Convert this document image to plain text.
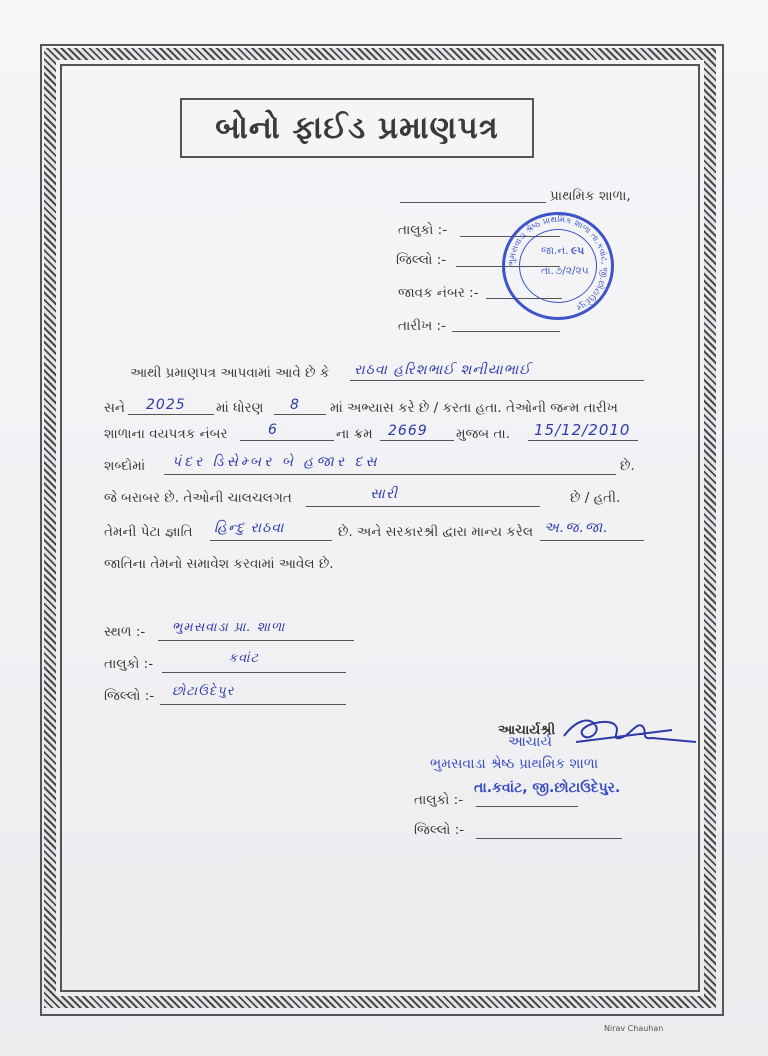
બોનો ફાઈડ પ્રમાણપત્ર
પ્રાથમિક શાળા,
તાલુકો :-
જિલ્લો :-
જાવક નંબર :-
તારીખ :-
જા.નં. ૯૫
તા. ૭/૨/૨૫
ભુમસવાડા શ્રેષ્ઠ પ્રાથમિક શાળા તા.કવાંટ, જી.છોટાઉદેપુર
આથી પ્રમાણપત્ર આપવામાં આવે છે કે રાઠવા હરિશભાઈ શનીયાભાઈ
સને 2025 માં ધોરણ 8 માં અભ્યાસ કરે છે / કરતા હતા. તેઓની જન્મ તારીખ
શાળાના વયપત્રક નંબર	6	ના ક્રમ 2669 મુજબ તા. 15/12/2010
શબ્દોમાં પંદર ડિસેમ્બર બે હજાર દસ	છે.
જે બરાબર છે. તેઓની ચાલચલગત	સારી	છે / હતી.
તેમની પેટા જ્ઞાતિ હિન્દુ રાઠવા	છે. અને સરકારશ્રી દ્વારા માન્ય કરેલ અ.જ.જા.
જાતિના તેમનો સમાવેશ કરવામાં આવેલ છે.
સ્થળ :- ભુમસવાડા પ્રા. શાળા
તાલુકો :-	કવાંટ
જિલ્લો :- છોટાઉદેપુર
આચાર્યશ્રી
આચાર્ય
ભુમસવાડા શ્રેષ્ઠ પ્રાથમિક શાળા
તા.કવાંટ, જી.છોટાઉદેપુર.
તાલુકો :-
જિલ્લો :-
Nirav Chauhan
